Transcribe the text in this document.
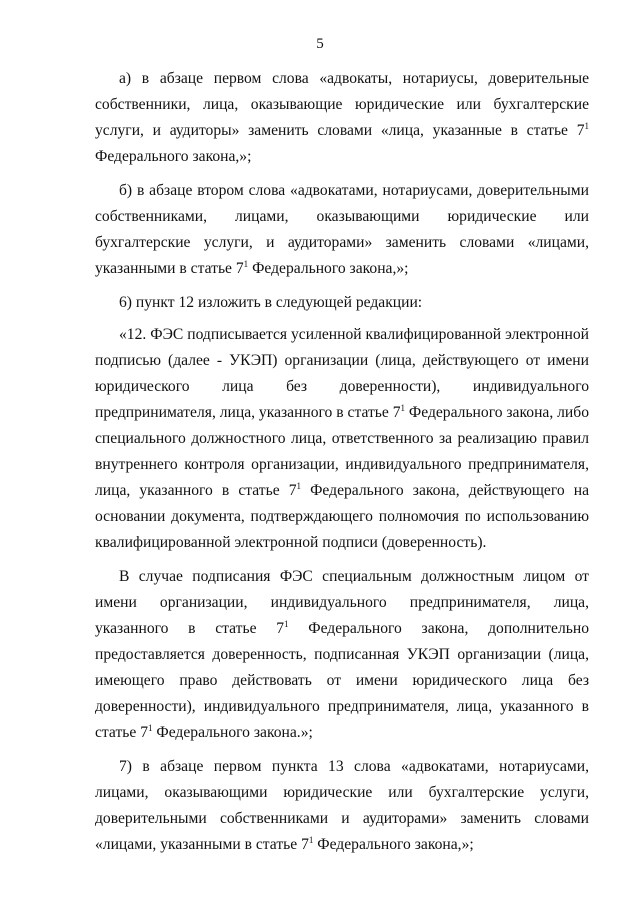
5

а) в абзаце первом слова «адвокаты, нотариусы, доверительные собственники, лица, оказывающие юридические или бухгалтерские услуги, и аудиторы» заменить словами «лица, указанные в статье $7^1$ Федерального закона,»;

б) в абзаце втором слова «адвокатами, нотариусами, доверительными собственниками, лицами, оказывающими юридические или бухгалтерские услуги, и аудиторами» заменить словами «лицами, указанными в статье $7^1$ Федерального закона,»;

6) пункт 12 изложить в следующей редакции:

«12. ФЭС подписывается усиленной квалифицированной электронной подписью (далее - УКЭП) организации (лица, действующего от имени юридического лица без доверенности), индивидуального предпринимателя, лица, указанного в статье $7^1$ Федерального закона, либо специального должностного лица, ответственного за реализацию правил внутреннего контроля организации, индивидуального предпринимателя, лица, указанного в статье $7^1$ Федерального закона, действующего на основании документа, подтверждающего полномочия по использованию квалифицированной электронной подписи (доверенность).

В случае подписания ФЭС специальным должностным лицом от имени организации, индивидуального предпринимателя, лица, указанного в статье $7^1$ Федерального закона, дополнительно предоставляется доверенность, подписанная УКЭП организации (лица, имеющего право действовать от имени юридического лица без доверенности), индивидуального предпринимателя, лица, указанного в статье $7^1$ Федерального закона.»;

7) в абзаце первом пункта 13 слова «адвокатами, нотариусами, лицами, оказывающими юридические или бухгалтерские услуги, доверительными собственниками и аудиторами» заменить словами «лицами, указанными в статье $7^1$ Федерального закона,»;
